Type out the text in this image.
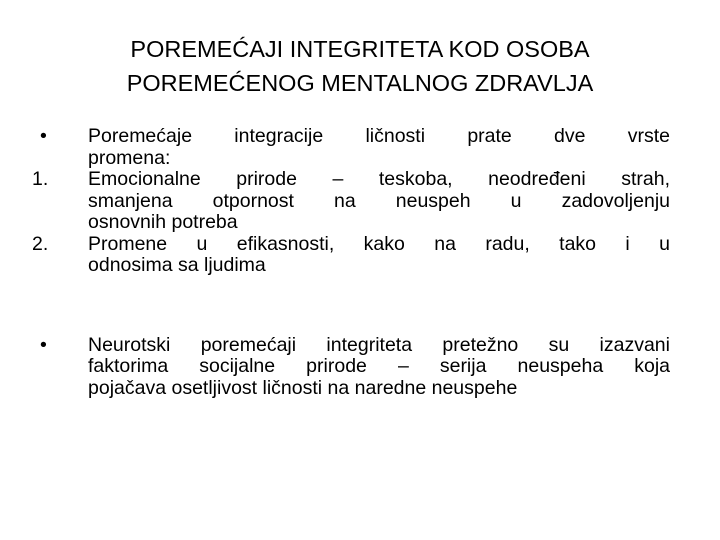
POREMEĆAJI INTEGRITETA KOD OSOBA
POREMEĆENOG MENTALNOG ZDRAVLJA
•	Poremećaje integracije ličnosti prate dve vrste
promena:
1.	Emocionalne prirode – teskoba, neodređeni strah,
smanjena otpornost na neuspeh u zadovoljenju
osnovnih potreba
2.	Promene u efikasnosti, kako na radu, tako i u
odnosima sa ljudima
•	Neurotski poremećaji integriteta pretežno su izazvani
faktorima socijalne prirode – serija neuspeha koja
pojačava osetljivost ličnosti na naredne neuspehe
